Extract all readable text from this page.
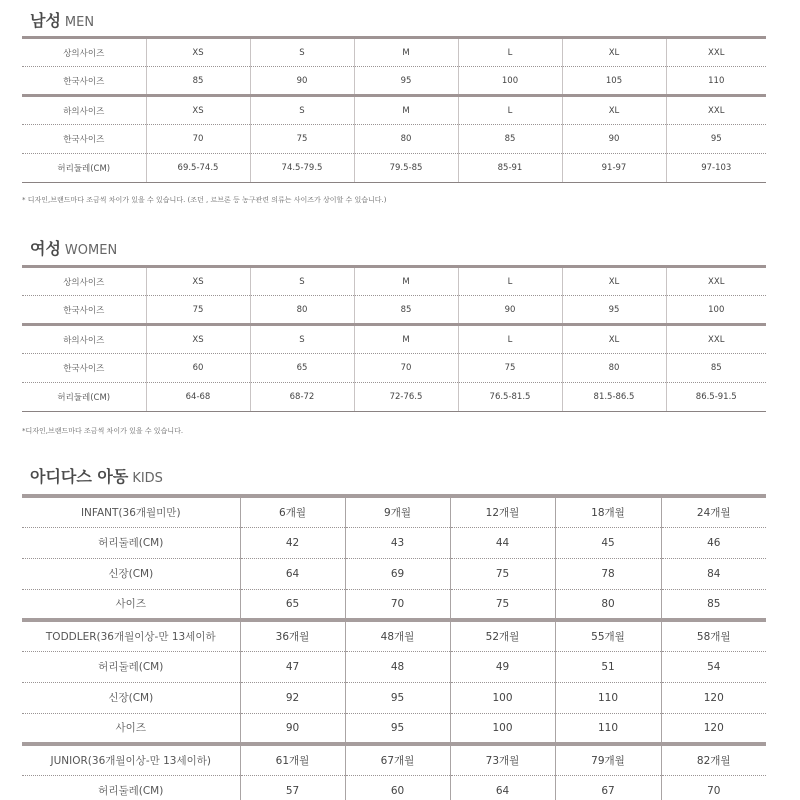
남성 MEN
상의사이즈	XS	S	M	L	XL	XXL
한국사이즈	85	90	95	100	105	110
하의사이즈	XS	S	M	L	XL	XXL
한국사이즈	70	75	80	85	90	95
허리둘레(CM)	69.5-74.5	74.5-79.5	79.5-85	85-91	91-97	97-103
* 디자인,브랜드마다 조금씩 차이가 있을 수 있습니다. (조던 , 르브론 등 농구관련 의류는 사이즈가 상이할 수 있습니다.)
여성 WOMEN
상의사이즈	XS	S	M	L	XL	XXL
한국사이즈	75	80	85	90	95	100
하의사이즈	XS	S	M	L	XL	XXL
한국사이즈	60	65	70	75	80	85
허리둘레(CM)	64-68	68-72	72-76.5	76.5-81.5	81.5-86.5	86.5-91.5
*디자인,브랜드마다 조금씩 차이가 있을 수 있습니다.
아디다스 아동 KIDS
INFANT(36개월미만)	6개월	9개월	12개월	18개월	24개월
허리둘레(CM)	42	43	44	45	46
신장(CM)	64	69	75	78	84
사이즈	65	70	75	80	85
TODDLER(36개월이상-만 13세이하	36개월	48개월	52개월	55개월	58개월
허리둘레(CM)	47	48	49	51	54
신장(CM)	92	95	100	110	120
사이즈	90	95	100	110	120
JUNIOR(36개월이상-만 13세이하)	61개월	67개월	73개월	79개월	82개월
허리둘레(CM)	57	60	64	67	70
